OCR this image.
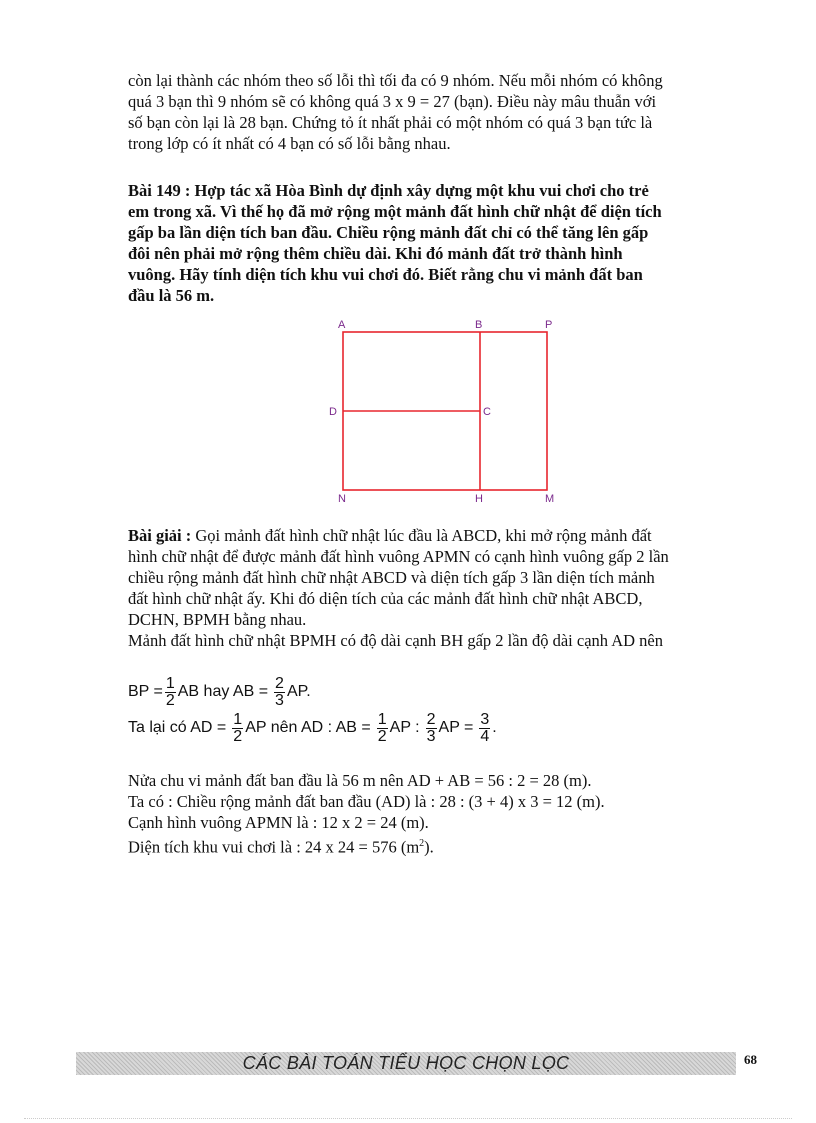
còn lại thành các nhóm theo số lỗi thì tối đa có 9 nhóm. Nếu mỗi nhóm có không
quá 3 bạn thì 9 nhóm sẽ có không quá 3 x 9 = 27 (bạn). Điều này mâu thuẫn với
số bạn còn lại là 28 bạn. Chứng tỏ ít nhất phải có một nhóm có quá 3 bạn tức là
trong lớp có ít nhất có 4 bạn có số lỗi bằng nhau.
Bài 149 : Hợp tác xã Hòa Bình dự định xây dựng một khu vui chơi cho trẻ
em trong xã. Vì thế họ đã mở rộng một mảnh đất hình chữ nhật để diện tích
gấp ba lần diện tích ban đầu. Chiều rộng mảnh đất chỉ có thể tăng lên gấp
đôi nên phải mở rộng thêm chiều dài. Khi đó mảnh đất trở thành hình
vuông. Hãy tính diện tích khu vui chơi đó. Biết rằng chu vi mảnh đất ban
đầu là 56 m.
A	B	P
D	C
N	H	M
Bài giải : Gọi mảnh đất hình chữ nhật lúc đầu là ABCD, khi mở rộng mảnh đất
hình chữ nhật để được mảnh đất hình vuông APMN có cạnh hình vuông gấp 2 lần
chiều rộng mảnh đất hình chữ nhật ABCD và diện tích gấp 3 lần diện tích mảnh
đất hình chữ nhật ấy. Khi đó diện tích của các mảnh đất hình chữ nhật ABCD,
DCHN, BPMH bằng nhau.
Mảnh đất hình chữ nhật BPMH có độ dài cạnh BH gấp 2 lần độ dài cạnh AD nên
BP = $\frac{1}{2}$ AB hay AB = $\frac{2}{3}$ AP.
Ta lại có AD = $\frac{1}{2}$ AP nên AD : AB = $\frac{1}{2}$ AP : $\frac{2}{3}$ AP = $\frac{3}{4}$ .
Nửa chu vi mảnh đất ban đầu là 56 m nên AD + AB = 56 : 2 = 28 (m).
Ta có : Chiều rộng mảnh đất ban đầu (AD) là : 28 : (3 + 4) x 3 = 12 (m).
Cạnh hình vuông APMN là : 12 x 2 = 24 (m).
Diện tích khu vui chơi là : 24 x 24 = 576 $(m^2)$.
CÁC BÀI TOÁN TIỂU HỌC CHỌN LỌC	68
